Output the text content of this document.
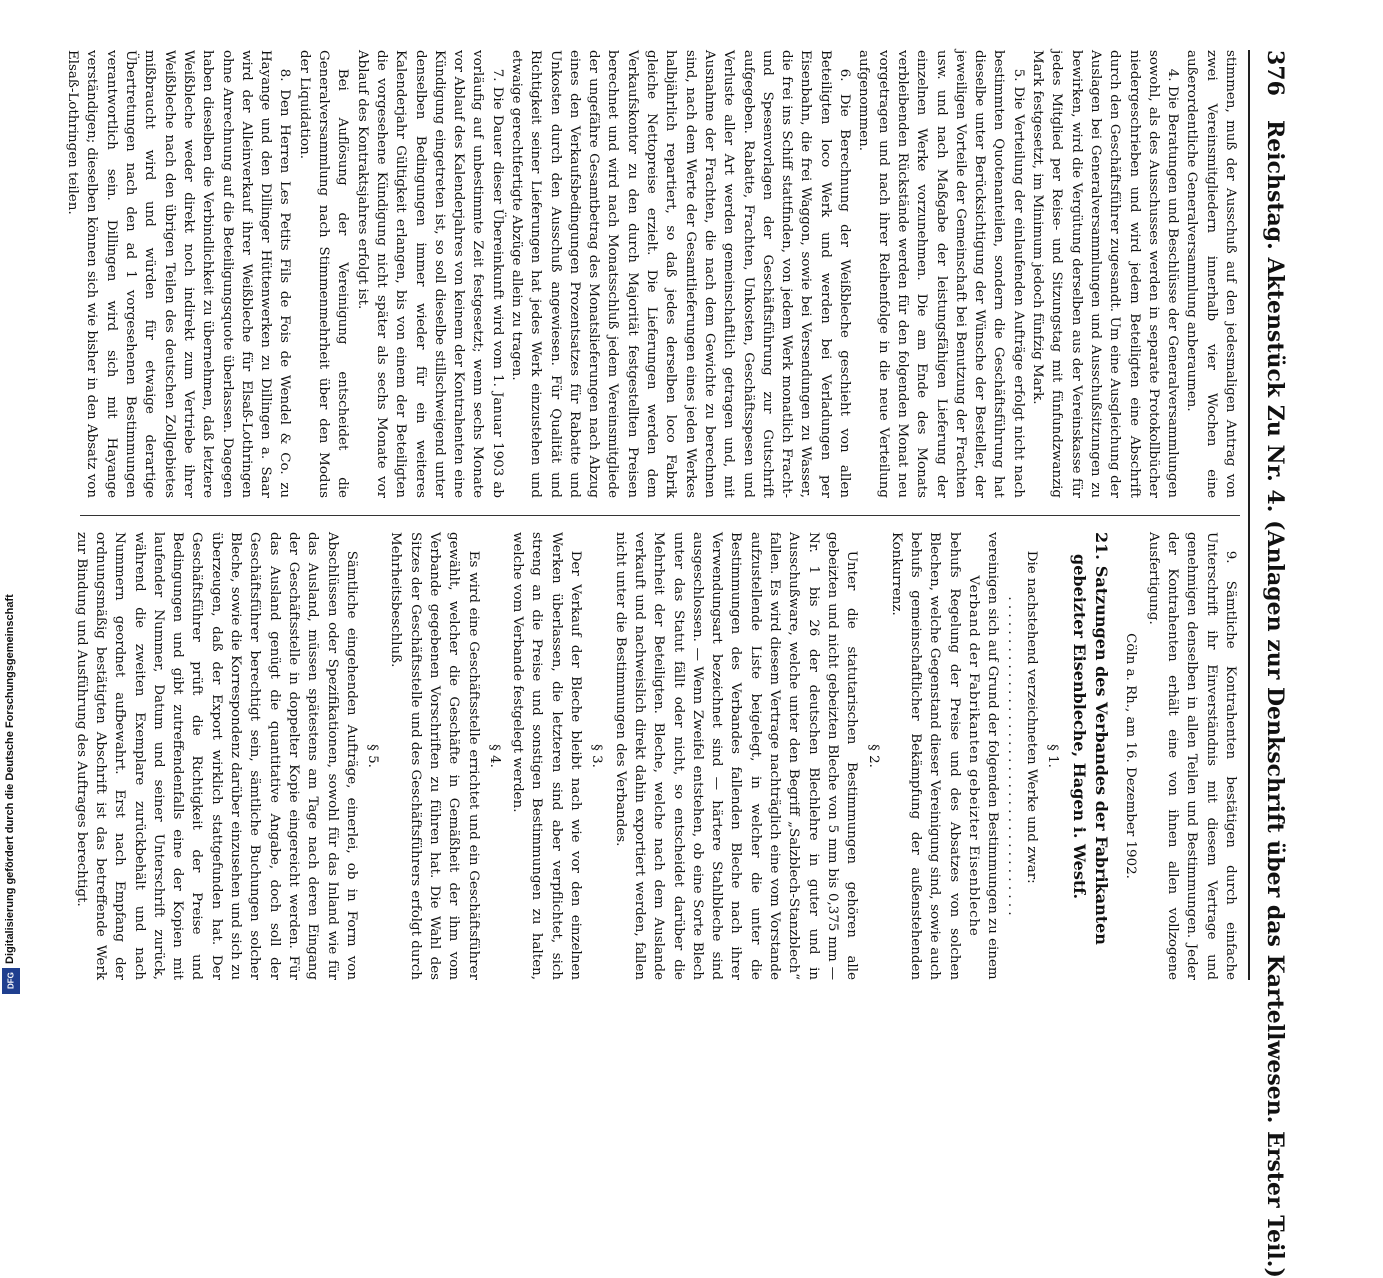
Digitalisierung gefördert durch die Deutsche Forschungsgemeinschaft
DFG
376
Reichstag. Aktenstück Zu Nr. 4. (Anlagen zur Denkschrift über das Kartellwesen. Erster Teil.)

stimmen, muß der Ausschuß auf den jedesmaligen Antrag von zwei Vereinsmitgliedern innerhalb vier Wochen eine außerordentliche Generalversammlung anberaumen.

4. Die Beratungen und Beschlüsse der Generalversammlungen sowohl, als des Ausschusses werden in separate Protokollbücher niedergeschrieben und wird jedem Beteiligten eine Abschrift durch den Geschäftsführer zugesandt. Um eine Ausgleichung der Auslagen bei Generalversammlungen und Ausschußsitzungen zu bewirken, wird die Vergütung derselben aus der Vereinskasse für jedes Mitglied per Reise- und Sitzungstag mit fünfundzwanzig Mark festgesetzt, im Minimum jedoch fünfzig Mark.

5. Die Verteilung der einlaufenden Aufträge erfolgt nicht nach bestimmten Quotenanteilen, sondern die Geschäftsführung hat dieselbe unter Berücksichtigung der Wünsche der Besteller, der jeweiligen Vorteile der Gemeinschaft bei Benutzung der Frachten usw. und nach Maßgabe der leistungsfähigen Lieferung der einzelnen Werke vorzunehmen. Die am Ende des Monats verbleibenden Rückstände werden für den folgenden Monat neu vorgetragen und nach ihrer Reihenfolge in die neue Verteilung aufgenommen.

6. Die Berechnung der Weißbleche geschieht von allen Beteiligten loco Werk und werden bei Verladungen per Eisenbahn, die frei Waggon, sowie bei Versendungen zu Wasser, die frei ins Schiff stattfinden, von jedem Werk monatlich Fracht- und Spesenvorlagen der Geschäftsführung zur Gutschrift aufgegeben. Rabatte, Frachten, Unkosten, Geschäftsspesen und Verluste aller Art werden gemeinschaftlich getragen und, mit Ausnahme der Frachten, die nach dem Gewichte zu berechnen sind, nach dem Werte der Gesamtlieferungen eines jeden Werkes halbjährlich repartiert, so daß jedes derselben loco Fabrik gleiche Nettopreise erzielt. Die Lieferungen werden dem Verkaufskontor zu den durch Majorität festgestellten Preisen berechnet und wird nach Monatsschluß jedem Vereinsmitgliede der ungefähre Gesamtbetrag des Monatslieferungen nach Abzug eines den Verkaufsbedingungen Prozentsatzes für Rabatte und Unkosten durch den Ausschuß angewiesen. Für Qualität und Richtigkeit seiner Lieferungen hat jedes Werk einzustehen und etwaige gerechtfertigte Abzüge allein zu tragen.

7. Die Dauer dieser Übereinkunft wird vom 1. Januar 1903 ab vorläufig auf unbestimmte Zeit festgesetzt; wenn sechs Monate vor Ablauf des Kalenderjahres von keinem der Kontrahenten eine Kündigung eingetreten ist, so soll dieselbe stillschweigend unter denselben Bedingungen immer wieder für ein weiteres Kalenderjahr Gültigkeit erlangen, bis von einem der Beteiligten die vorgesehene Kündigung nicht später als sechs Monate vor Ablauf des Kontraktsjahres erfolgt ist.

Bei Auflösung der Vereinigung entscheidet die Generalversammlung nach Stimmenmehrheit über den Modus der Liquidation.

8. Den Herren Les Petits Fils de Fois de Wendel & Co. zu Hayange und den Dillinger Hüttenwerken zu Dillingen a. Saar wird der Alleinverkauf ihrer Weißbleche für Elsaß-Lothringen ohne Anrechnung auf die Beteiligungsquote überlassen. Dagegen haben dieselben die Verbindlichkeit zu übernehmen, daß letztere Weißbleche weder direkt noch indirekt zum Vertriebe ihrer Weißbleche nach den übrigen Teilen des deutschen Zollgebietes mißbraucht wird und würden für etwaige derartige Übertretungen nach den ad 1 vorgesehenen Bestimmungen verantwortlich sein. Dillingen wird sich mit Hayange verständigen; dieselben können sich wie bisher in den Absatz von Elsaß-Lothringen teilen.

9. Sämtliche Kontrahenten bestätigen durch einfache Unterschrift ihr Einverständnis mit diesem Vertrage und genehmigen denselben in allen Teilen und Bestimmungen. Jeder der Kontrahenten erhält eine von ihnen allen vollzogene Ausfertigung.

Cöln a. Rh., am 16. Dezember 1902.

21.Satzungen des Verbandes der Fabrikanten gebeizter Eisenbleche, Hagen i. Westf.

§ 1.

Die nachstehend verzeichneten Werke und zwar:

. . . . . . . . . . . . . . . . . . . . . . . . . . . . . . . . . . . . . .

vereinigen sich auf Grund der folgenden Bestimmungen zu einem

Verband der Fabrikanten gebeizter Eisenbleche

behufs Regelung der Preise und des Absatzes von solchen Blechen, welche Gegenstand dieser Vereinigung sind, sowie auch behufs gemeinschaftlicher Bekämpfung der außenstehenden Konkurrenz.

§ 2.

Unter die statutarischen Bestimmungen gehören alle gebeizten und nicht gebeizten Bleche von 5 mm bis 0,375 mm — Nr. 1 bis 26 der deutschen Blechlehre in guter und in Ausschußware, welche unter den Begriff „Salzblech-Stanzblech“ fallen. Es wird diesem Vertrage nachträglich eine vom Vorstande aufzustellende Liste beigelegt, in welcher die unter die Bestimmungen des Verbandes fallenden Bleche nach ihrer Verwendungsart bezeichnet sind — härtere Stahlbleche sind ausgeschlossen. — Wenn Zweifel entstehen, ob eine Sorte Blech unter das Statut fällt oder nicht, so entscheidet darüber die Mehrheit der Beteiligten. Bleche, welche nach dem Auslande verkauft und nachweislich direkt dahin exportiert werden, fallen nicht unter die Bestimmungen des Verbandes.

§ 3.

Der Verkauf der Bleche bleibt nach wie vor den einzelnen Werken überlassen, die letzteren sind aber verpflichtet, sich streng an die Preise und sonstigen Bestimmungen zu halten, welche vom Verbande festgelegt werden.

§ 4.

Es wird eine Geschäftsstelle errichtet und ein Geschäftsführer gewählt, welcher die Geschäfte in Gemäßheit der ihm vom Verbande gegebenen Vorschriften zu führen hat. Die Wahl des Sitzes der Geschäftsstelle und des Geschäftsführers erfolgt durch Mehrheitsbeschluß.

§ 5.

Sämtliche eingehenden Aufträge, einerlei, ob in Form von Abschlüssen oder Spezifikationen, sowohl für das Inland wie für das Ausland, müssen spätestens am Tage nach deren Eingang der Geschäftsstelle in doppelter Kopie eingereicht werden. Für das Ausland genügt die quantitative Angabe, doch soll der Geschäftsführer berechtigt sein, sämtliche Buchungen solcher Bleche, sowie die Korrespondenz darüber einzusehen und sich zu überzeugen, daß der Export wirklich stattgefunden hat. Der Geschäftsführer prüft die Richtigkeit der Preise und Bedingungen und gibt zutreffendenfalls eine der Kopien mit laufender Nummer, Datum und seiner Unterschrift zurück, während die zweiten Exemplare zurückbehält und nach Nummern geordnet aufbewahrt. Erst nach Empfang der ordnungsmäßig bestätigten Abschrift ist das betreffende Werk zur Bindung und Ausführung des Auftrages berechtigt.
